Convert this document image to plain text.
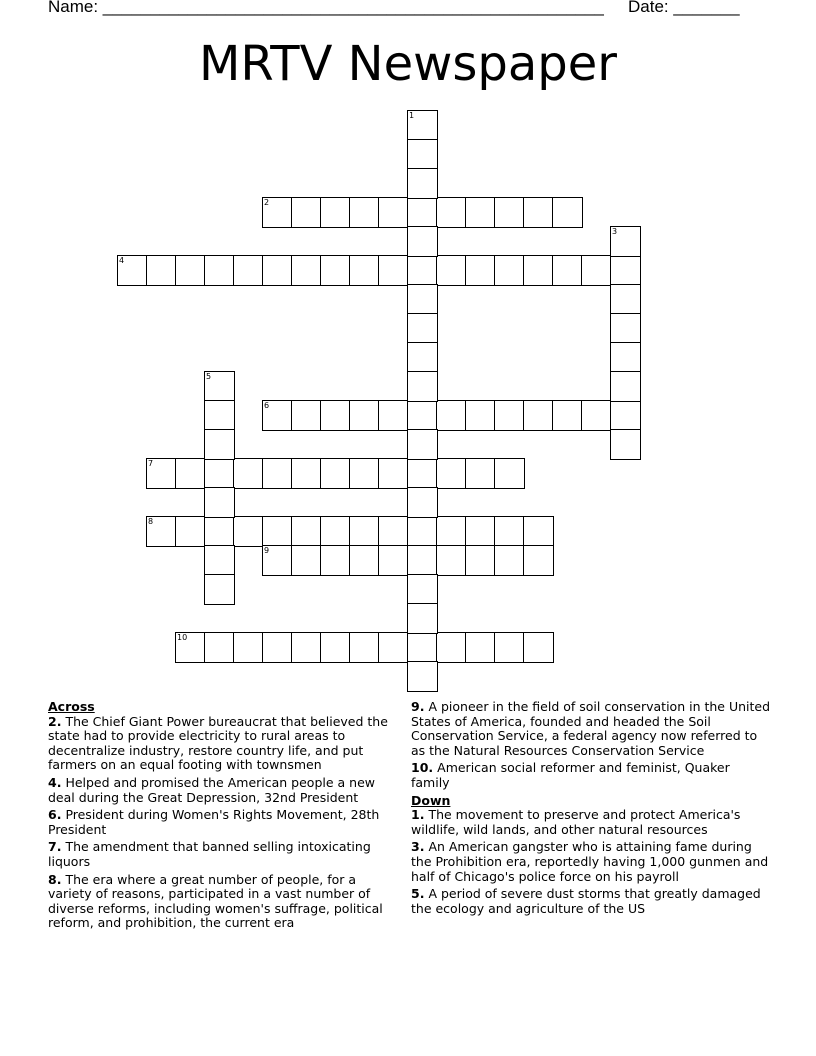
Name: _____________________________________________________ Date: _______
MRTV Newspaper
2
4
6
7
8
9
10
1
3
5
Across
2. The Chief Giant Power bureaucrat that believed the state had to provide electricity to rural areas to decentralize industry, restore country life, and put farmers on an equal footing with townsmen
4. Helped and promised the American people a new deal during the Great Depression, 32nd President
6. President during Women's Rights Movement, 28th President
7. The amendment that banned selling intoxicating liquors
8. The era where a great number of people, for a variety of reasons, participated in a vast number of diverse reforms, including women's suffrage, political reform, and prohibition, the current era
9. A pioneer in the field of soil conservation in the United States of America, founded and headed the Soil Conservation Service, a federal agency now referred to as the Natural Resources Conservation Service
10. American social reformer and feminist, Quaker family
Down
1. The movement to preserve and protect America's wildlife, wild lands, and other natural resources
3. An American gangster who is attaining fame during the Prohibition era, reportedly having 1,000 gunmen and half of Chicago's police force on his payroll
5. A period of severe dust storms that greatly damaged the ecology and agriculture of the US
